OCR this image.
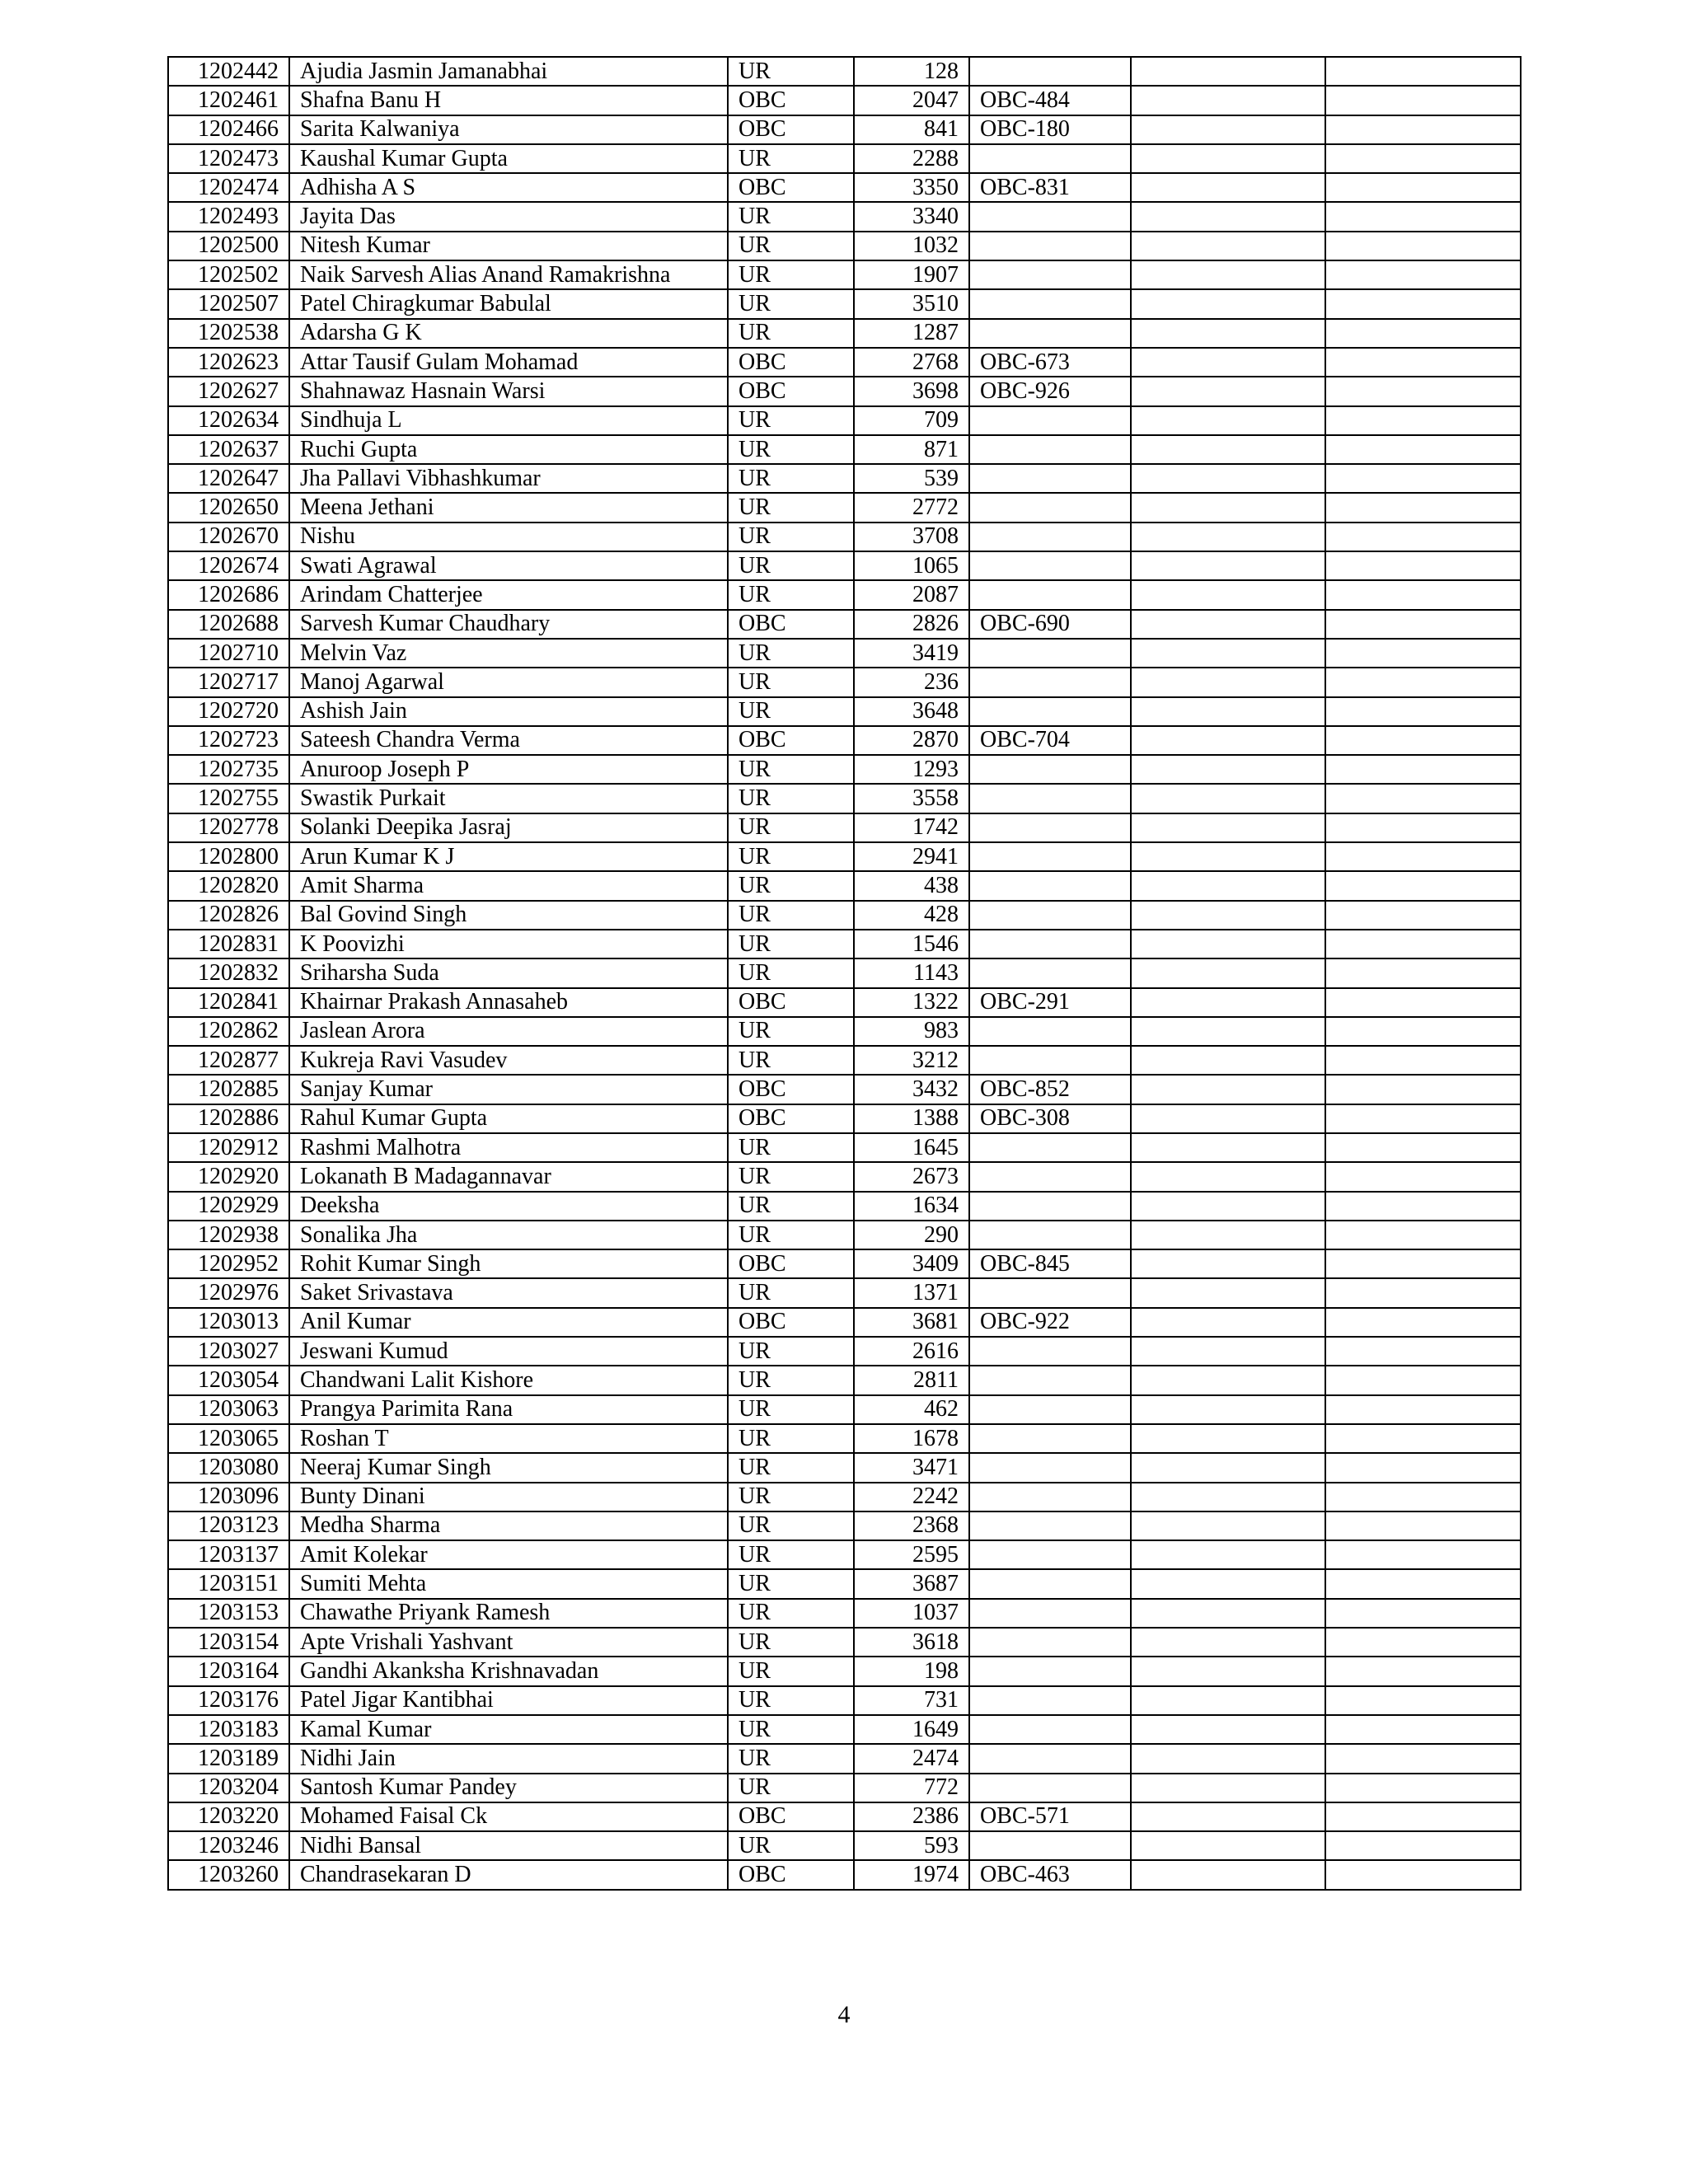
1202442	Ajudia Jasmin Jamanabhai	UR	128			
1202461	Shafna Banu H	OBC	2047	OBC-484		
1202466	Sarita Kalwaniya	OBC	841	OBC-180		
1202473	Kaushal Kumar Gupta	UR	2288			
1202474	Adhisha A S	OBC	3350	OBC-831		
1202493	Jayita Das	UR	3340			
1202500	Nitesh Kumar	UR	1032			
1202502	Naik Sarvesh Alias Anand Ramakrishna	UR	1907			
1202507	Patel Chiragkumar Babulal	UR	3510			
1202538	Adarsha G K	UR	1287			
1202623	Attar Tausif Gulam Mohamad	OBC	2768	OBC-673		
1202627	Shahnawaz Hasnain Warsi	OBC	3698	OBC-926		
1202634	Sindhuja L	UR	709			
1202637	Ruchi Gupta	UR	871			
1202647	Jha Pallavi Vibhashkumar	UR	539			
1202650	Meena Jethani	UR	2772			
1202670	Nishu	UR	3708			
1202674	Swati Agrawal	UR	1065			
1202686	Arindam Chatterjee	UR	2087			
1202688	Sarvesh Kumar Chaudhary	OBC	2826	OBC-690		
1202710	Melvin Vaz	UR	3419			
1202717	Manoj Agarwal	UR	236			
1202720	Ashish Jain	UR	3648			
1202723	Sateesh Chandra Verma	OBC	2870	OBC-704		
1202735	Anuroop Joseph P	UR	1293			
1202755	Swastik Purkait	UR	3558			
1202778	Solanki Deepika Jasraj	UR	1742			
1202800	Arun Kumar K J	UR	2941			
1202820	Amit Sharma	UR	438			
1202826	Bal Govind Singh	UR	428			
1202831	K Poovizhi	UR	1546			
1202832	Sriharsha Suda	UR	1143			
1202841	Khairnar Prakash Annasaheb	OBC	1322	OBC-291		
1202862	Jaslean Arora	UR	983			
1202877	Kukreja Ravi Vasudev	UR	3212			
1202885	Sanjay Kumar	OBC	3432	OBC-852		
1202886	Rahul Kumar Gupta	OBC	1388	OBC-308		
1202912	Rashmi Malhotra	UR	1645			
1202920	Lokanath B Madagannavar	UR	2673			
1202929	Deeksha	UR	1634			
1202938	Sonalika Jha	UR	290			
1202952	Rohit Kumar Singh	OBC	3409	OBC-845		
1202976	Saket Srivastava	UR	1371			
1203013	Anil Kumar	OBC	3681	OBC-922		
1203027	Jeswani Kumud	UR	2616			
1203054	Chandwani Lalit Kishore	UR	2811			
1203063	Prangya Parimita Rana	UR	462			
1203065	Roshan T	UR	1678			
1203080	Neeraj Kumar Singh	UR	3471			
1203096	Bunty Dinani	UR	2242			
1203123	Medha Sharma	UR	2368			
1203137	Amit Kolekar	UR	2595			
1203151	Sumiti Mehta	UR	3687			
1203153	Chawathe Priyank Ramesh	UR	1037			
1203154	Apte Vrishali Yashvant	UR	3618			
1203164	Gandhi Akanksha Krishnavadan	UR	198			
1203176	Patel Jigar Kantibhai	UR	731			
1203183	Kamal Kumar	UR	1649			
1203189	Nidhi Jain	UR	2474			
1203204	Santosh Kumar Pandey	UR	772			
1203220	Mohamed Faisal Ck	OBC	2386	OBC-571		
1203246	Nidhi Bansal	UR	593			
1203260	Chandrasekaran D	OBC	1974	OBC-463		
4
